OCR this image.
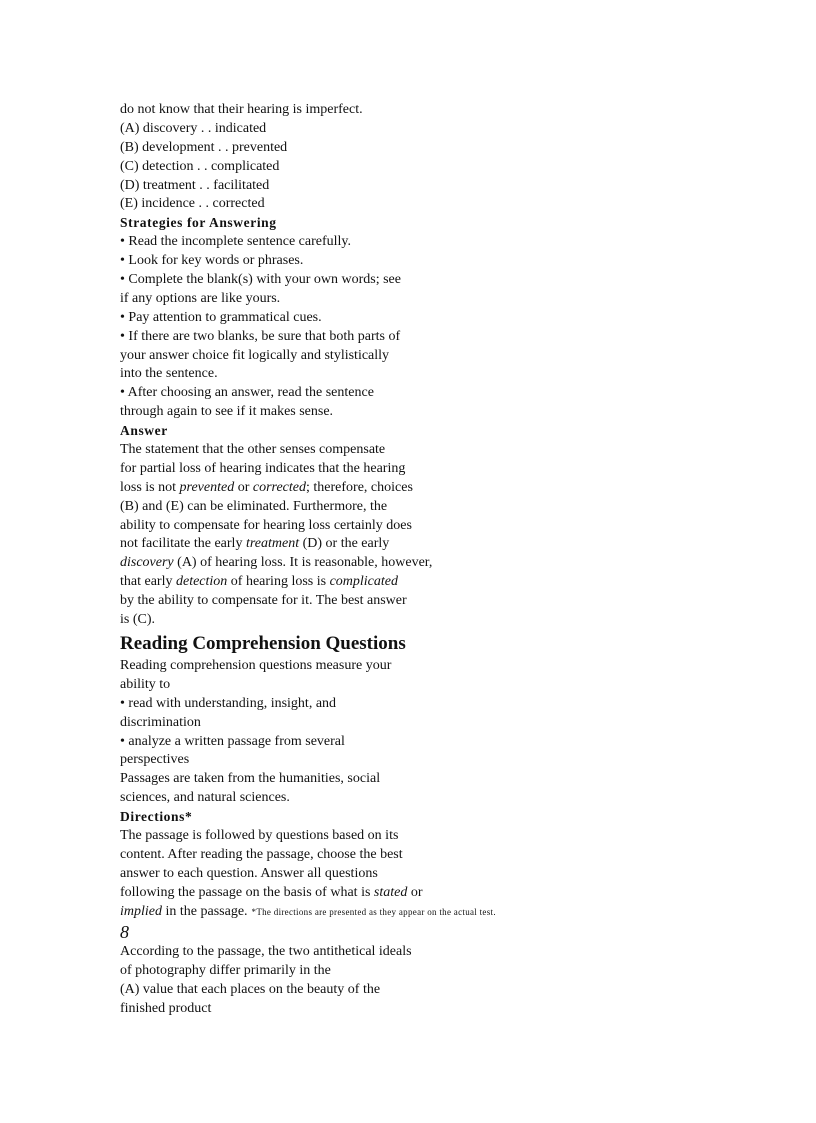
do not know that their hearing is imperfect.
(A) discovery . . indicated
(B) development . . prevented
(C) detection . . complicated
(D) treatment . . facilitated
(E) incidence . . corrected
Strategies for Answering
• Read the incomplete sentence carefully.
• Look for key words or phrases.
• Complete the blank(s) with your own words; see
if any options are like yours.
• Pay attention to grammatical cues.
• If there are two blanks, be sure that both parts of
your answer choice fit logically and stylistically
into the sentence.
• After choosing an answer, read the sentence
through again to see if it makes sense.
Answer
The statement that the other senses compensate
for partial loss of hearing indicates that the hearing
loss is not prevented or corrected; therefore, choices
(B) and (E) can be eliminated. Furthermore, the
ability to compensate for hearing loss certainly does
not facilitate the early treatment (D) or the early
discovery (A) of hearing loss. It is reasonable, however,
that early detection of hearing loss is complicated
by the ability to compensate for it. The best answer
is (C).
Reading Comprehension Questions
Reading comprehension questions measure your
ability to
• read with understanding, insight, and
discrimination
• analyze a written passage from several
perspectives
Passages are taken from the humanities, social
sciences, and natural sciences.
Directions*
The passage is followed by questions based on its
content. After reading the passage, choose the best
answer to each question. Answer all questions
following the passage on the basis of what is stated or
implied in the passage. *The directions are presented as they appear on the actual test.
8
According to the passage, the two antithetical ideals
of photography differ primarily in the
(A) value that each places on the beauty of the
finished product
